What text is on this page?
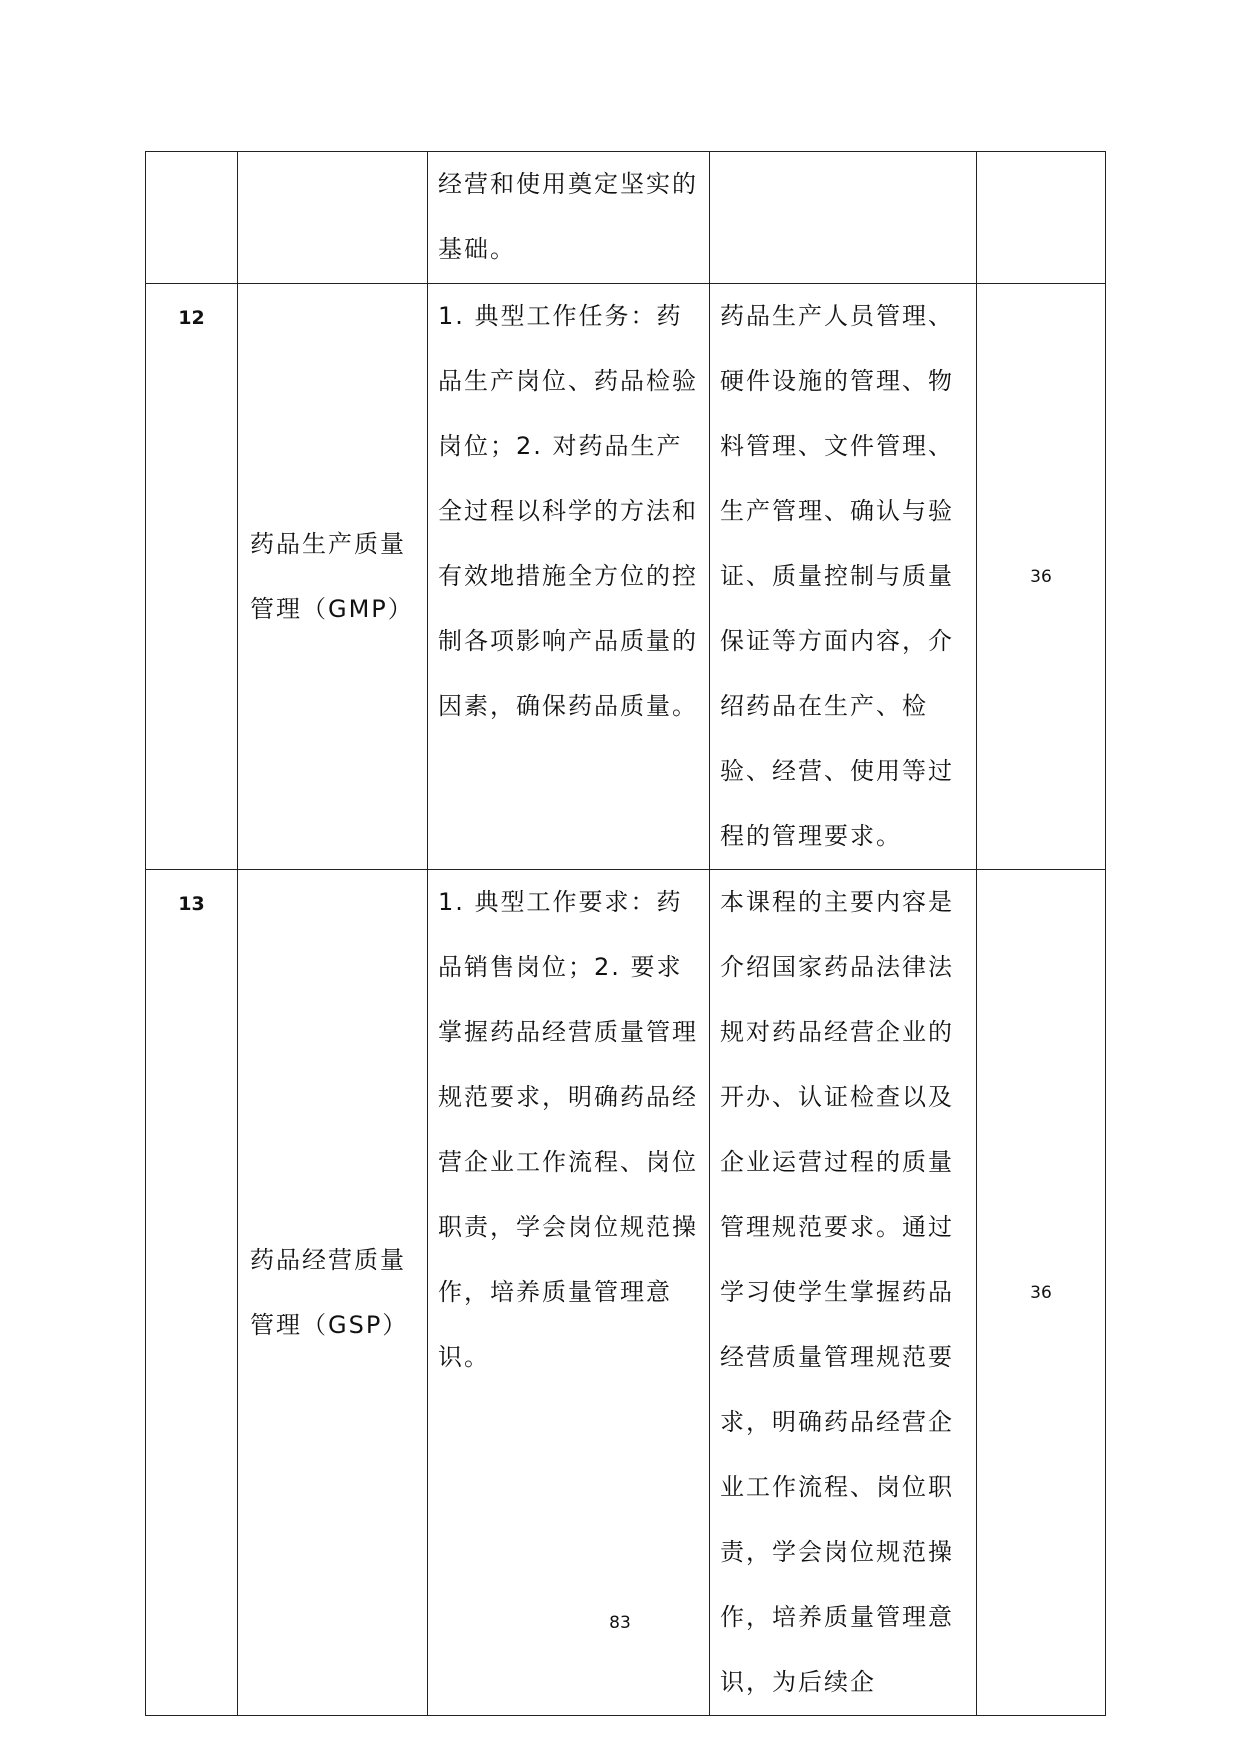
		经营和使用奠定坚实的基础。		

12	药品生产质量管理（GMP）	1. 典型工作任务：药品生产岗位、药品检验岗位；2. 对药品生产全过程以科学的方法和有效地措施全方位的控制各项影响产品质量的因素，确保药品质量。	药品生产人员管理、硬件设施的管理、物料管理、文件管理、生产管理、确认与验证、质量控制与质量保证等方面内容，介绍药品在生产、检验、经营、使用等过程的管理要求。	36

13	药品经营质量管理（GSP）	1. 典型工作要求：药品销售岗位；2. 要求掌握药品经营质量管理规范要求，明确药品经营企业工作流程、岗位职责，学会岗位规范操作，培养质量管理意识。	本课程的主要内容是介绍国家药品法律法规对药品经营企业的开办、认证检查以及企业运营过程的质量管理规范要求。通过学习使学生掌握药品经营质量管理规范要求，明确药品经营企业工作流程、岗位职责，学会岗位规范操作，培养质量管理意识，为后续企	36
83
